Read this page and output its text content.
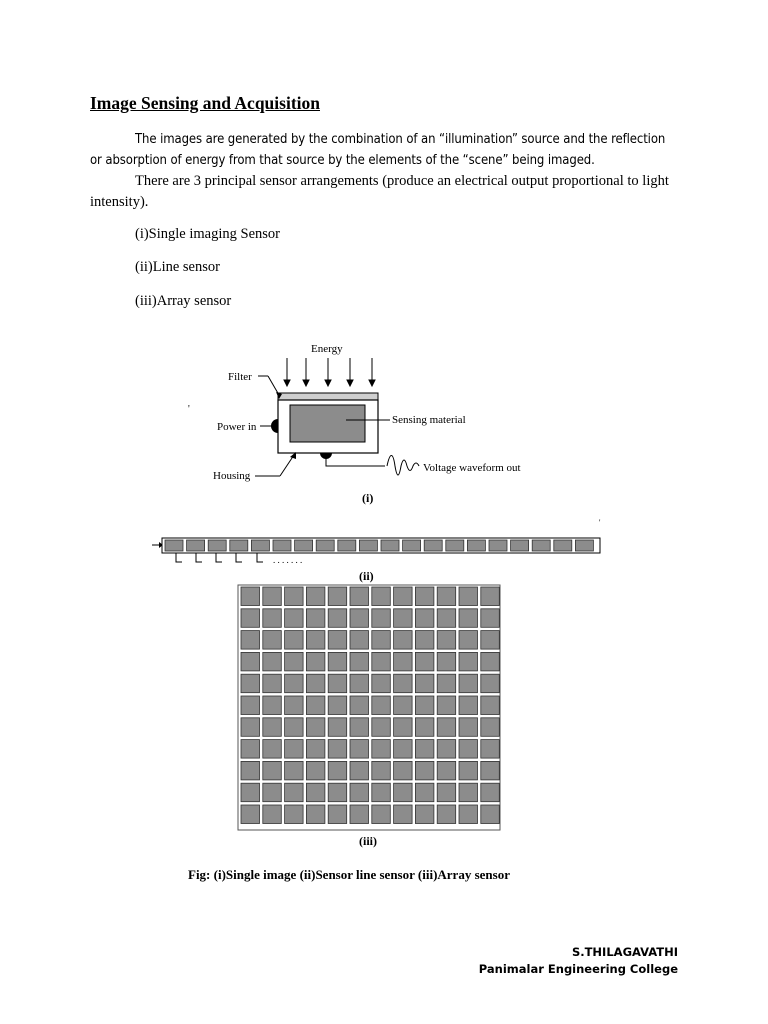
Image Sensing and Acquisition
The images are generated by the combination of an “illumination” source and the reflection or absorption of energy from that source by the elements of the “scene” being imaged.
There are 3 principal sensor arrangements (produce an electrical output proportional to light intensity).
(i)Single imaging Sensor
(ii)Line sensor
(iii)Array sensor
Energy
Filter
'
Power in
Sensing material
Housing
Voltage waveform out
(i)
. . . . . . .
'
(ii)
(iii)
Fig: (i)Single image (ii)Sensor line sensor (iii)Array sensor
S.THILAGAVATHI
Panimalar Engineering College
